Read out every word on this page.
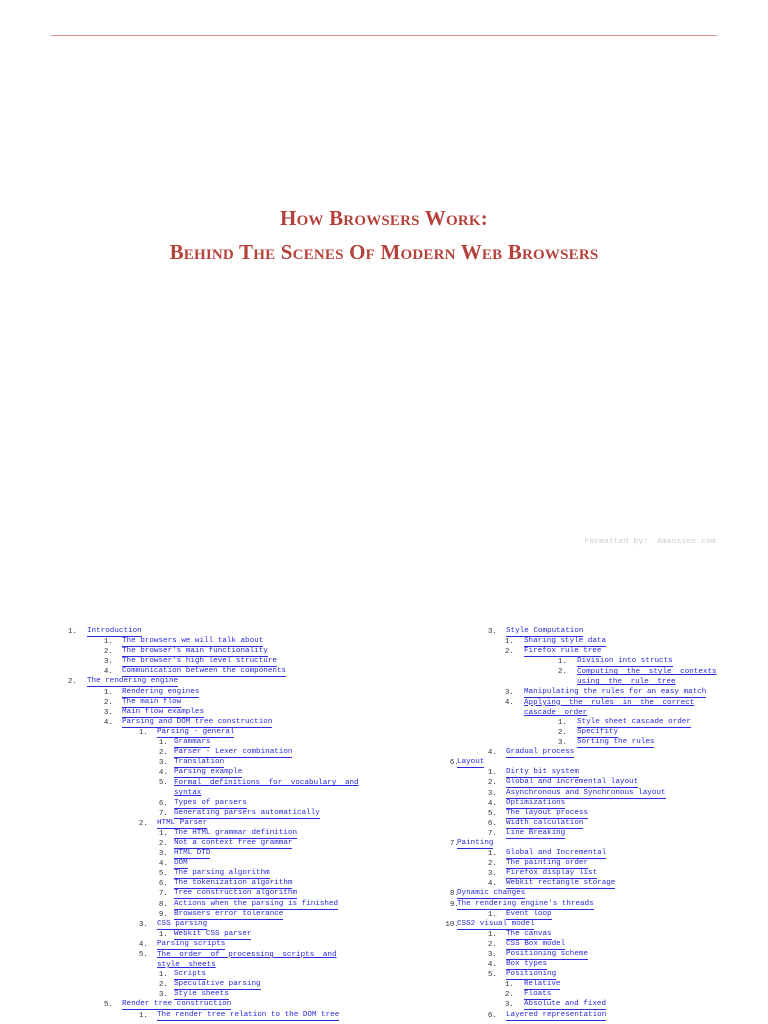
How Browsers Work:
Behind The Scenes Of Modern Web Browsers
Formatted by: Amonssoo.com
1. Introduction
1. The browsers we will talk about
2. The browser's main functionality
3. The browser's high level structure
4. Communication between the components
2. The rendering engine
1. Rendering engines
2. The main flow
3. Main flow examples
4. Parsing and DOM tree construction
1. Parsing - general
1. Grammars
2. Parser - Lexer combination
3. Translation
4. Parsing example
5. Formal definitions for vocabulary and syntax
6. Types of parsers
7. Generating parsers automatically
2. HTML Parser
1. The HTML grammar definition
2. Not a context free grammar
3. HTML DTD
4. DOM
5. The parsing algorithm
6. The tokenization algorithm
7. Tree construction algorithm
8. Actions when the parsing is finished
9. Browsers error tolerance
3. CSS parsing
1. Webkit CSS parser
4. Parsing scripts
5. The order of processing scripts and style sheets
1. Scripts
2. Speculative parsing
3. Style sheets
5. Render tree construction
1. The render tree relation to the DOM tree
3. Style Computation
1. Sharing style data
2. Firefox rule tree
1. Division into structs
2. Computing the style contexts using the rule tree
3. Manipulating the rules for an easy match
4. Applying the rules in the correct cascade order
1. Style sheet cascade order
2. Specifity
3. Sorting the rules
4. Gradual process
6.
Layout
1. Dirty bit system
2. Global and incremental layout
3. Asynchronous and Synchronous layout
4. Optimizations
5. The layout process
6. Width calculation
7. Line Breaking
7.
Painting
1. Global and Incremental
2. The painting order
3. Firefox display list
4. Webkit rectangle storage
8.
Dynamic changes
9.
The rendering engine's threads
1. Event loop
10.
CSS2 visual model
1. The canvas
2. CSS Box model
3. Positioning scheme
4. Box types
5. Positioning
1. Relative
2. Floats
3. Absolute and fixed
6. Layered representation
